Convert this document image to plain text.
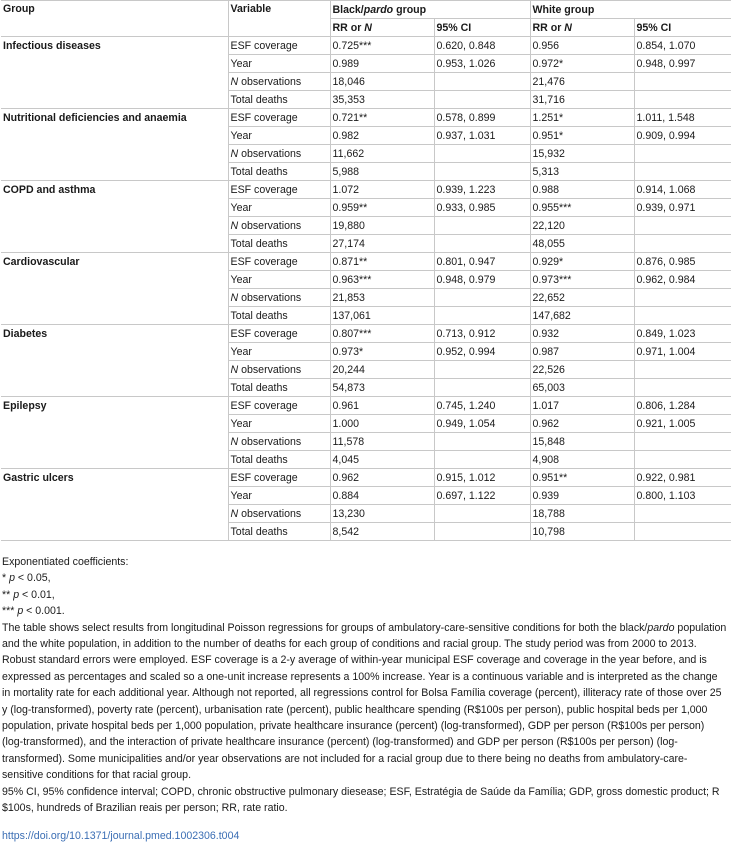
Group	Variable	Black/pardo group		White group	
		RR or N	95% CI	RR or N	95% CI
Infectious diseases	ESF coverage	0.725***	0.620, 0.848	0.956	0.854, 1.070
	Year	0.989	0.953, 1.026	0.972*	0.948, 0.997
	N observations	18,046		21,476	
	Total deaths	35,353		31,716	
Nutritional deficiencies and anaemia	ESF coverage	0.721**	0.578, 0.899	1.251*	1.011, 1.548
	Year	0.982	0.937, 1.031	0.951*	0.909, 0.994
	N observations	11,662		15,932	
	Total deaths	5,988		5,313	
COPD and asthma	ESF coverage	1.072	0.939, 1.223	0.988	0.914, 1.068
	Year	0.959**	0.933, 0.985	0.955***	0.939, 0.971
	N observations	19,880		22,120	
	Total deaths	27,174		48,055	
Cardiovascular	ESF coverage	0.871**	0.801, 0.947	0.929*	0.876, 0.985
	Year	0.963***	0.948, 0.979	0.973***	0.962, 0.984
	N observations	21,853		22,652	
	Total deaths	137,061		147,682	
Diabetes	ESF coverage	0.807***	0.713, 0.912	0.932	0.849, 1.023
	Year	0.973*	0.952, 0.994	0.987	0.971, 1.004
	N observations	20,244		22,526	
	Total deaths	54,873		65,003	
Epilepsy	ESF coverage	0.961	0.745, 1.240	1.017	0.806, 1.284
	Year	1.000	0.949, 1.054	0.962	0.921, 1.005
	N observations	11,578		15,848	
	Total deaths	4,045		4,908	
Gastric ulcers	ESF coverage	0.962	0.915, 1.012	0.951**	0.922, 0.981
	Year	0.884	0.697, 1.122	0.939	0.800, 1.103
	N observations	13,230		18,788	
	Total deaths	8,542		10,798	

Exponentiated coefficients:

* p < 0.05,

** p < 0.01,

*** p < 0.001.

The table shows select results from longitudinal Poisson regressions for groups of ambulatory-care-sensitive conditions for both the black/pardo population and the white population, in addition to the number of deaths for each group of conditions and racial group. The study period was from 2000 to 2013. Robust standard errors were employed. ESF coverage is a 2-y average of within-year municipal ESF coverage and coverage in the year before, and is expressed as percentages and scaled so a one-unit increase represents a 100% increase. Year is a continuous variable and is interpreted as the change in mortality rate for each additional year. Although not reported, all regressions control for Bolsa Família coverage (percent), illiteracy rate of those over 25 y (log-transformed), poverty rate (percent), urbanisation rate (percent), public healthcare spending (R$100s per person), public hospital beds per 1,000 population, private hospital beds per 1,000 population, private healthcare insurance (percent) (log-transformed), GDP per person (R$100s per person) (log-transformed), and the interaction of private healthcare insurance (percent) (log-transformed) and GDP per person (R$100s per person) (log-transformed). Some municipalities and/or year observations are not included for a racial group due to there being no deaths from ambulatory-care-sensitive conditions for that racial group.

95% CI, 95% confidence interval; COPD, chronic obstructive pulmonary diesease; ESF, Estratégia de Saúde da Família; GDP, gross domestic product; R $100s, hundreds of Brazilian reais per person; RR, rate ratio.

https://doi.org/10.1371/journal.pmed.1002306.t004
